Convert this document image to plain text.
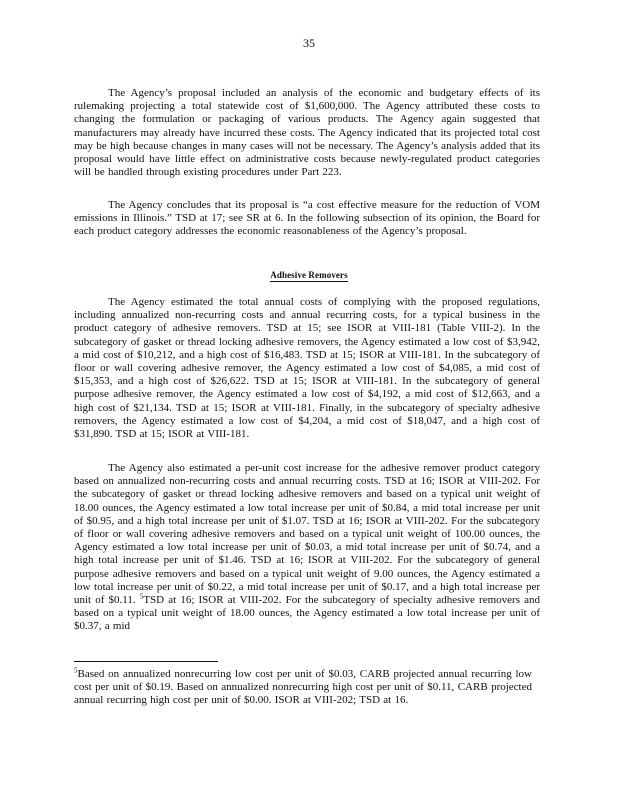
35

The Agency’s proposal included an analysis of the economic and budgetary effects of its rulemaking projecting a total statewide cost of $1,600,000. The Agency attributed these costs to changing the formulation or packaging of various products. The Agency again suggested that manufacturers may already have incurred these costs. The Agency indicated that its projected total cost may be high because changes in many cases will not be necessary. The Agency’s analysis added that its proposal would have little effect on administrative costs because newly-regulated product categories will be handled through existing procedures under Part 223.

The Agency concludes that its proposal is “a cost effective measure for the reduction of VOM emissions in Illinois.” TSD at 17; see SR at 6. In the following subsection of its opinion, the Board for each product category addresses the economic reasonableness of the Agency’s proposal.

Adhesive Removers

The Agency estimated the total annual costs of complying with the proposed regulations, including annualized non-recurring costs and annual recurring costs, for a typical business in the product category of adhesive removers. TSD at 15; see ISOR at VIII-181 (Table VIII-2). In the subcategory of gasket or thread locking adhesive removers, the Agency estimated a low cost of $3,942, a mid cost of $10,212, and a high cost of $16,483. TSD at 15; ISOR at VIII-181. In the subcategory of floor or wall covering adhesive remover, the Agency estimated a low cost of $4,085, a mid cost of $15,353, and a high cost of $26,622. TSD at 15; ISOR at VIII-181. In the subcategory of general purpose adhesive remover, the Agency estimated a low cost of $4,192, a mid cost of $12,663, and a high cost of $21,134. TSD at 15; ISOR at VIII-181. Finally, in the subcategory of specialty adhesive removers, the Agency estimated a low cost of $4,204, a mid cost of $18,047, and a high cost of $31,890. TSD at 15; ISOR at VIII-181.

The Agency also estimated a per-unit cost increase for the adhesive remover product category based on annualized non-recurring costs and annual recurring costs. TSD at 16; ISOR at VIII-202. For the subcategory of gasket or thread locking adhesive removers and based on a typical unit weight of 18.00 ounces, the Agency estimated a low total increase per unit of $0.84, a mid total increase per unit of $0.95, and a high total increase per unit of $1.07. TSD at 16; ISOR at VIII-202. For the subcategory of floor or wall covering adhesive removers and based on a typical unit weight of 100.00 ounces, the Agency estimated a low total increase per unit of $0.03, a mid total increase per unit of $0.74, and a high total increase per unit of $1.46. TSD at 16; ISOR at VIII-202. For the subcategory of general purpose adhesive removers and based on a typical unit weight of 9.00 ounces, the Agency estimated a low total increase per unit of $0.22, a mid total increase per unit of $0.17, and a high total increase per unit of $0.11. $^5$TSD at 16; ISOR at VIII-202. For the subcategory of specialty adhesive removers and based on a typical unit weight of 18.00 ounces, the Agency estimated a low total increase per unit of $0.37, a mid

$^5$Based on annualized nonrecurring low cost per unit of $0.03, CARB projected annual recurring low cost per unit of $0.19. Based on annualized nonrecurring high cost per unit of $0.11, CARB projected annual recurring high cost per unit of $0.00. ISOR at VIII-202; TSD at 16.
